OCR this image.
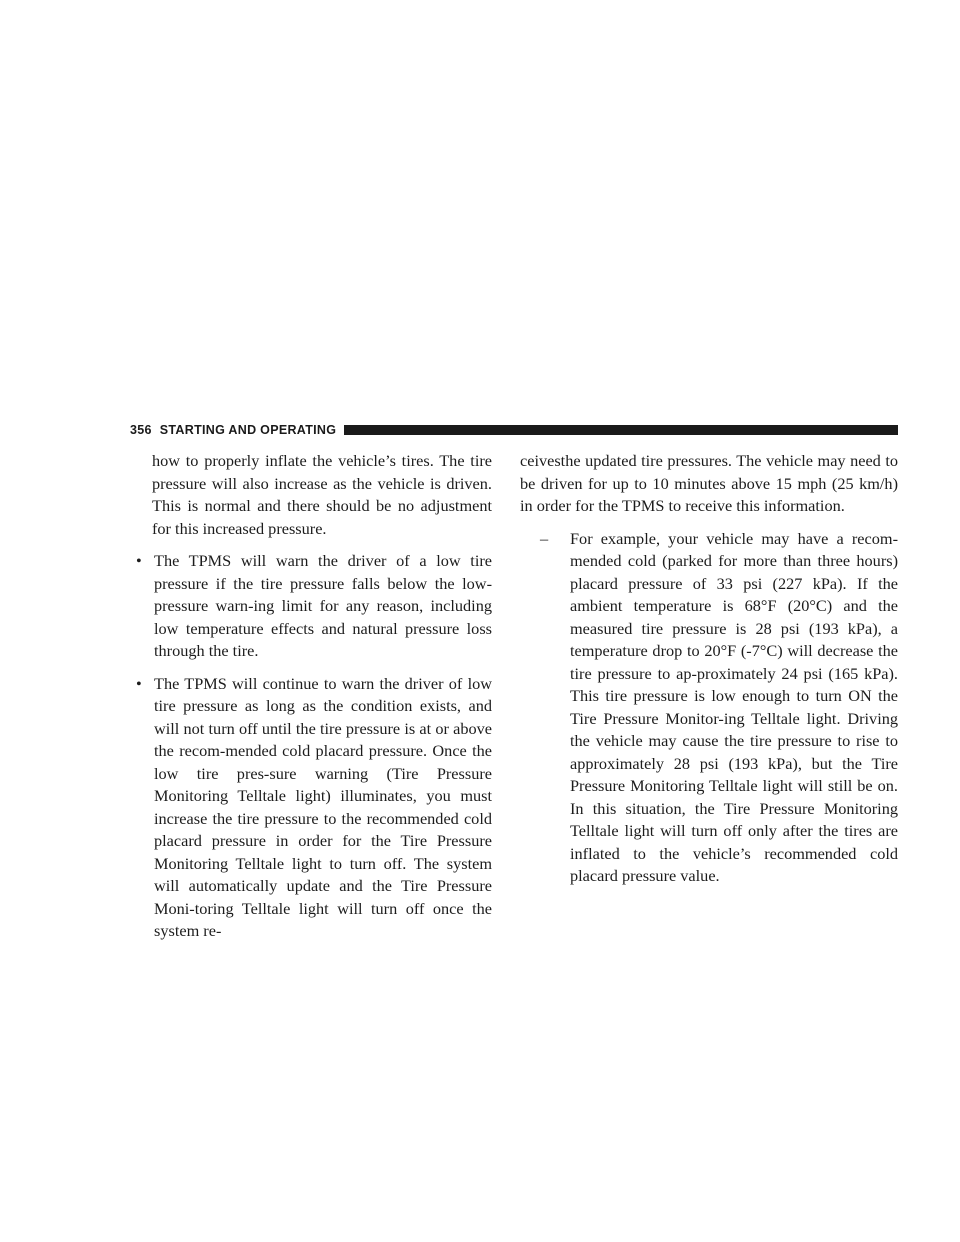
356 STARTING AND OPERATING

how to properly inflate the vehicle’s tires. The tire pressure will also increase as the vehicle is driven. This is normal and there should be no adjustment for this increased pressure.

• The TPMS will warn the driver of a low tire pressure if the tire pressure falls below the low-pressure warn-ing limit for any reason, including low temperature effects and natural pressure loss through the tire.

• The TPMS will continue to warn the driver of low tire pressure as long as the condition exists, and will not turn off until the tire pressure is at or above the recom-mended cold placard pressure. Once the low tire pres-sure warning (Tire Pressure Monitoring Telltale light) illuminates, you must increase the tire pressure to the recommended cold placard pressure in order for the Tire Pressure Monitoring Telltale light to turn off. The system will automatically update and the Tire Pressure Moni-toring Telltale light will turn off once the system re-

ceivesthe updated tire pressures. The vehicle may need to be driven for up to 10 minutes above 15 mph (25 km/h) in order for the TPMS to receive this information.

– For example, your vehicle may have a recom-mended cold (parked for more than three hours) placard pressure of 33 psi (227 kPa). If the ambient temperature is 68°F (20°C) and the measured tire pressure is 28 psi (193 kPa), a temperature drop to 20°F (-7°C) will decrease the tire pressure to ap-proximately 24 psi (165 kPa). This tire pressure is low enough to turn ON the Tire Pressure Monitor-ing Telltale light. Driving the vehicle may cause the tire pressure to rise to approximately 28 psi (193 kPa), but the Tire Pressure Monitoring Telltale light will still be on. In this situation, the Tire Pressure Monitoring Telltale light will turn off only after the tires are inflated to the vehicle’s recommended cold placard pressure value.
